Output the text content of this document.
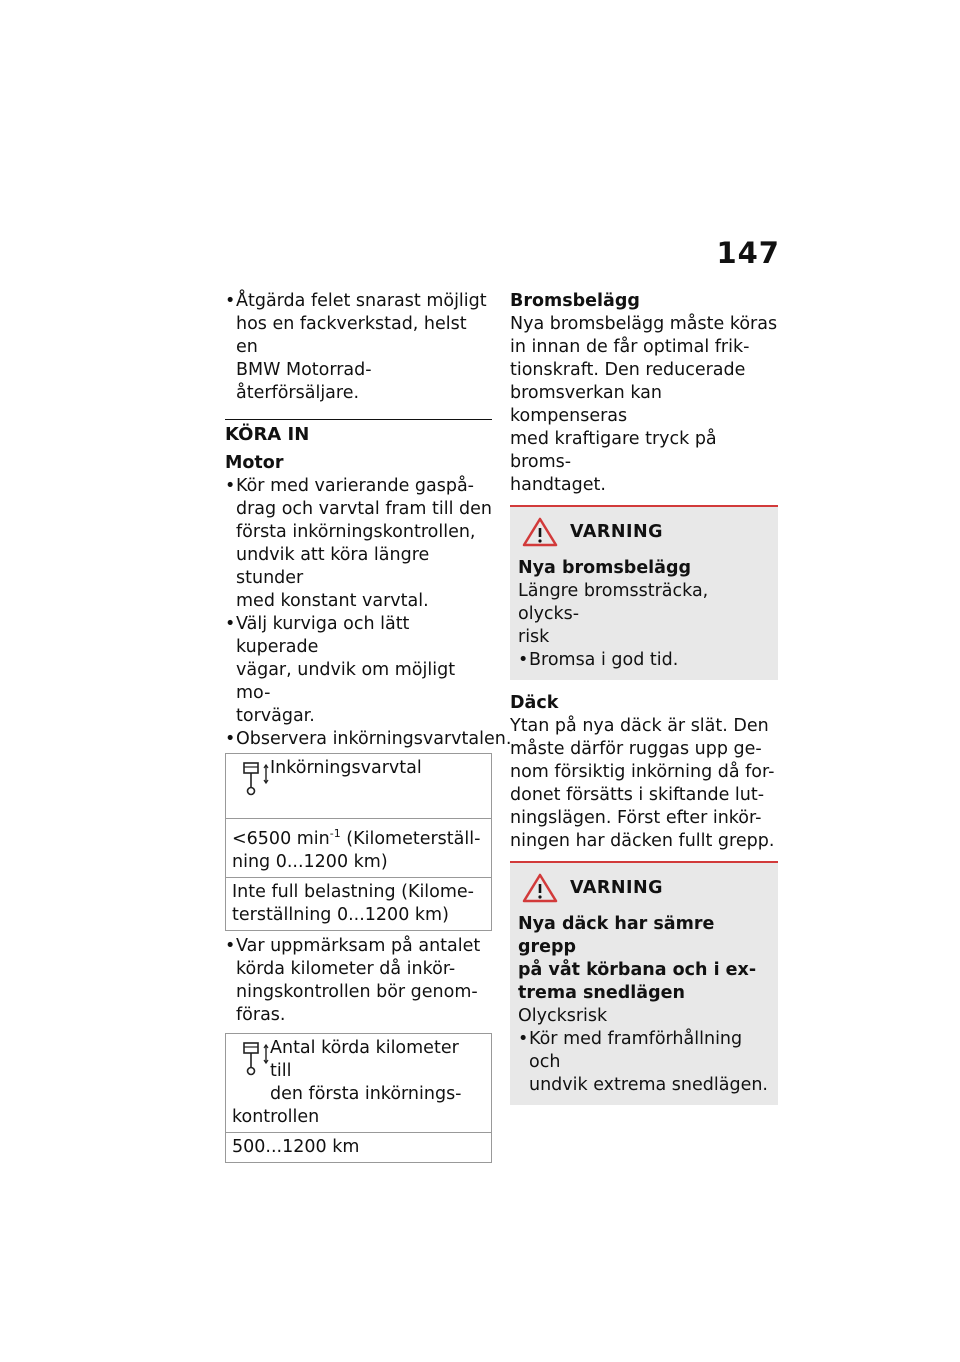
147
• Åtgärda felet snarast möjligt
hos en fackverkstad, helst en
BMW Motorrad-återförsäljare.
KÖRA IN
Motor
• Kör med varierande gaspå-
drag och varvtal fram till den
första inkörningskontrollen,
undvik att köra längre stunder
med konstant varvtal.
• Välj kurviga och lätt kuperade
vägar, undvik om möjligt mo-
torvägar.
• Observera inkörningsvarvtalen.
Inkörningsvarvtal

<6500 $\min^{-1}$ (Kilometerställ-
ning 0...1200 km)

Inte full belastning (Kilome-
terställning 0...1200 km)
• Var uppmärksam på antalet
körda kilometer då inkör-
ningskontrollen bör genom-
föras.
Antal körda kilometer till
den första inkörnings-
kontrollen

500...1200 km
Bromsbelägg
Nya bromsbelägg måste köras
in innan de får optimal frik-
tionskraft. Den reducerade
bromsverkan kan kompenseras
med kraftigare tryck på broms-
handtaget.
VARNING
Nya bromsbelägg
Längre bromssträcka, olycks-
risk
• Bromsa i god tid.
Däck
Ytan på nya däck är slät. Den
måste därför ruggas upp ge-
nom försiktig inkörning då for-
donet försätts i skiftande lut-
ningslägen. Först efter inkör-
ningen har däcken fullt grepp.
VARNING
Nya däck har sämre grepp
på våt körbana och i ex-
trema snedlägen
Olycksrisk
• Kör med framförhållning och
undvik extrema snedlägen.
